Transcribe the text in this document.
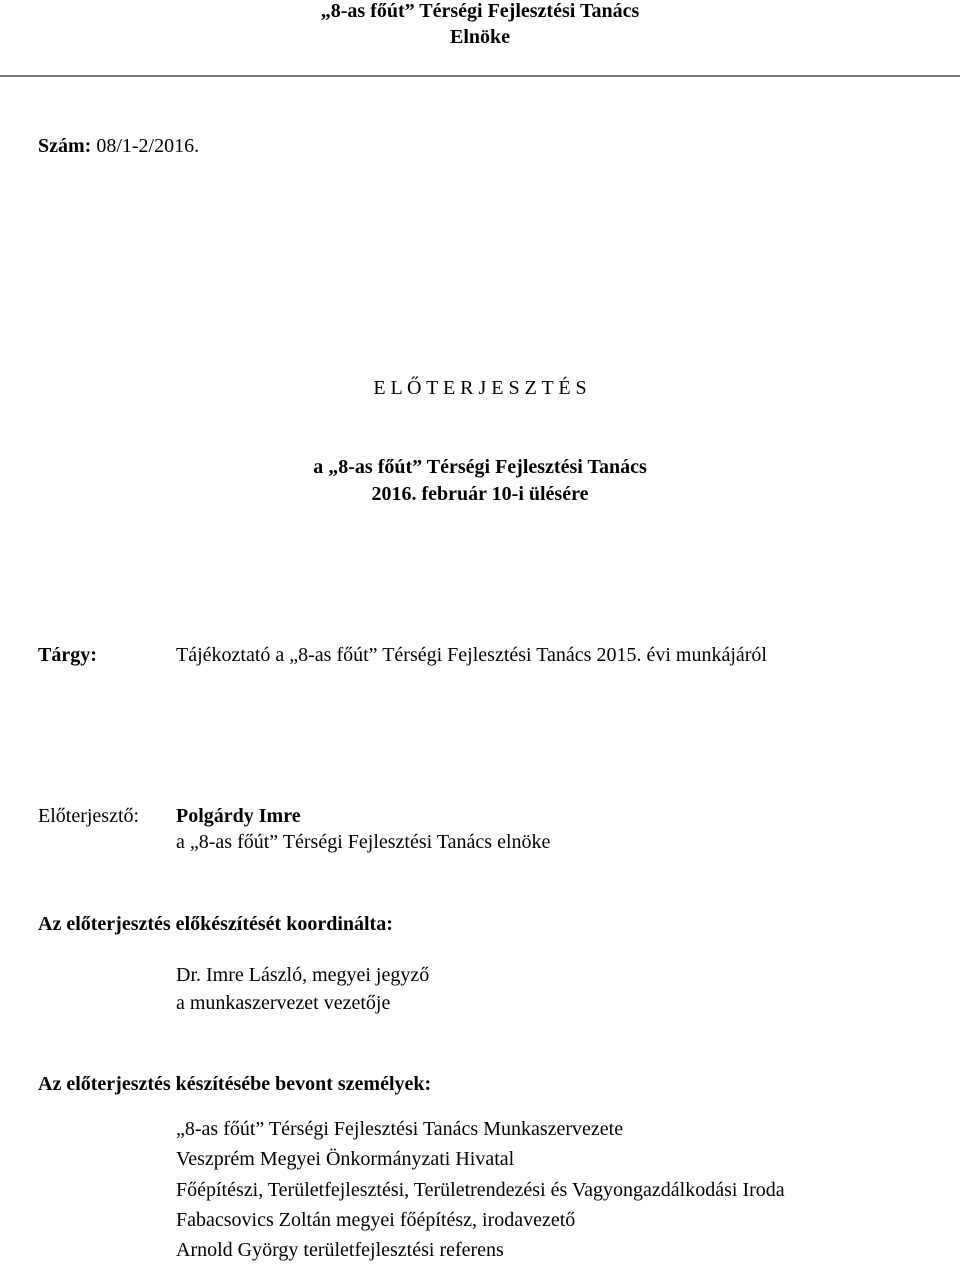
„8-as főút” Térségi Fejlesztési Tanács
Elnöke
Szám: 08/1-2/2016.
E L Ő T E R J E S Z T É S
a „8-as főút” Térségi Fejlesztési Tanács
2016. február 10-i ülésére
Tárgy:	Tájékoztató a „8-as főút” Térségi Fejlesztési Tanács 2015. évi munkájáról
Előterjesztő: Polgárdy Imre
a „8-as főút” Térségi Fejlesztési Tanács elnöke
Az előterjesztés előkészítését koordinálta:
Dr. Imre László, megyei jegyző
a munkaszervezet vezetője
Az előterjesztés készítésébe bevont személyek:
„8-as főút” Térségi Fejlesztési Tanács Munkaszervezete
Veszprém Megyei Önkormányzati Hivatal
Főépítészi, Területfejlesztési, Területrendezési és Vagyongazdálkodási Iroda
Fabacsovics Zoltán megyei főépítész, irodavezető
Arnold György területfejlesztési referens
